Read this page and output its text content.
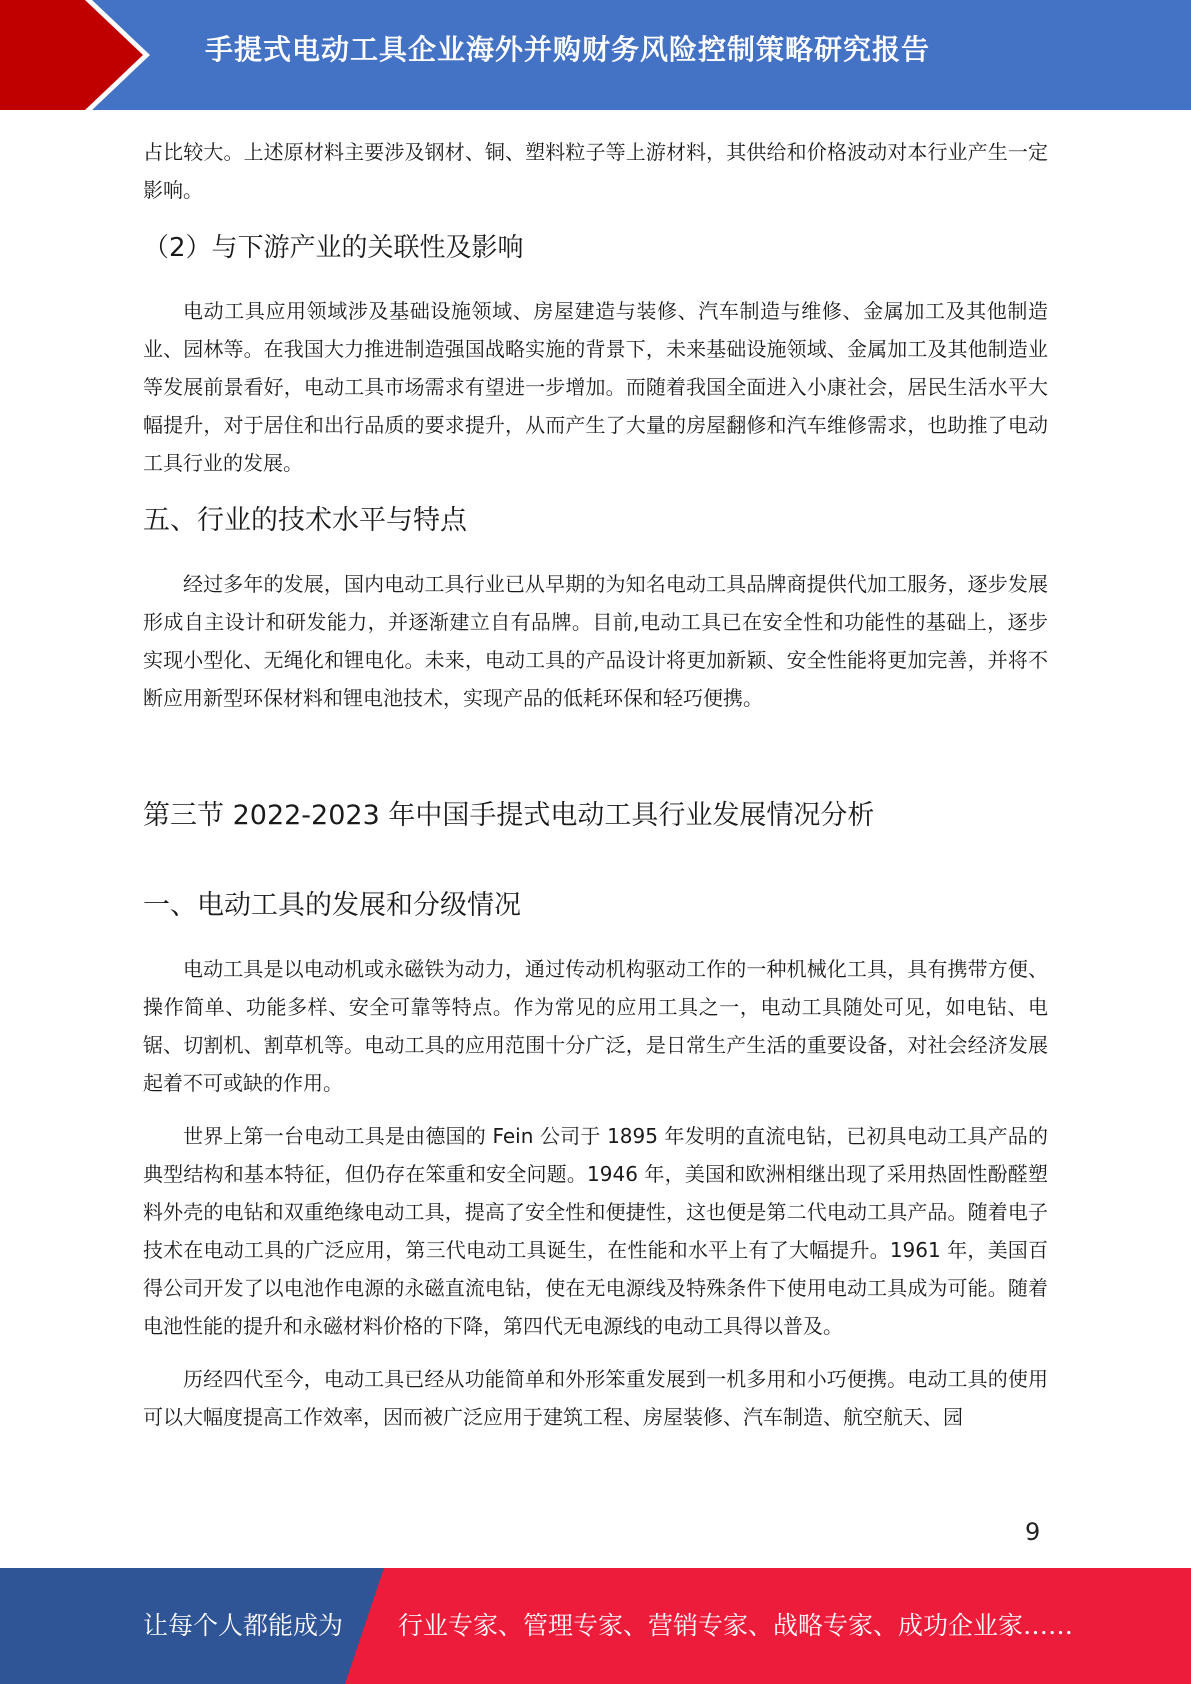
手提式电动工具企业海外并购财务风险控制策略研究报告

占比较大。上述原材料主要涉及钢材、铜、塑料粒子等上游材料，其供给和价格波动对本行业产生一定影响。

（2）与下游产业的关联性及影响

电动工具应用领域涉及基础设施领域、房屋建造与装修、汽车制造与维修、金属加工及其他制造业、园林等。在我国大力推进制造强国战略实施的背景下，未来基础设施领域、金属加工及其他制造业等发展前景看好，电动工具市场需求有望进一步增加。而随着我国全面进入小康社会，居民生活水平大幅提升，对于居住和出行品质的要求提升，从而产生了大量的房屋翻修和汽车维修需求，也助推了电动工具行业的发展。

五、行业的技术水平与特点

经过多年的发展，国内电动工具行业已从早期的为知名电动工具品牌商提供代加工服务，逐步发展形成自主设计和研发能力，并逐渐建立自有品牌。目前,电动工具已在安全性和功能性的基础上，逐步实现小型化、无绳化和锂电化。未来，电动工具的产品设计将更加新颖、安全性能将更加完善，并将不断应用新型环保材料和锂电池技术，实现产品的低耗环保和轻巧便携。

第三节 2022-2023 年中国手提式电动工具行业发展情况分析
一、电动工具的发展和分级情况

电动工具是以电动机或永磁铁为动力，通过传动机构驱动工作的一种机械化工具，具有携带方便、操作简单、功能多样、安全可靠等特点。作为常见的应用工具之一，电动工具随处可见，如电钻、电锯、切割机、割草机等。电动工具的应用范围十分广泛，是日常生产生活的重要设备，对社会经济发展起着不可或缺的作用。

世界上第一台电动工具是由德国的 Fein 公司于 1895 年发明的直流电钻，已初具电动工具产品的典型结构和基本特征，但仍存在笨重和安全问题。1946 年，美国和欧洲相继出现了采用热固性酚醛塑料外壳的电钻和双重绝缘电动工具，提高了安全性和便捷性，这也便是第二代电动工具产品。随着电子技术在电动工具的广泛应用，第三代电动工具诞生，在性能和水平上有了大幅提升。1961 年，美国百得公司开发了以电池作电源的永磁直流电钻，使在无电源线及特殊条件下使用电动工具成为可能。随着电池性能的提升和永磁材料价格的下降，第四代无电源线的电动工具得以普及。

历经四代至今，电动工具已经从功能简单和外形笨重发展到一机多用和小巧便携。电动工具的使用可以大幅度提高工作效率，因而被广泛应用于建筑工程、房屋装修、汽车制造、航空航天、园

9
让每个人都能成为 行业专家、管理专家、营销专家、战略专家、成功企业家……
